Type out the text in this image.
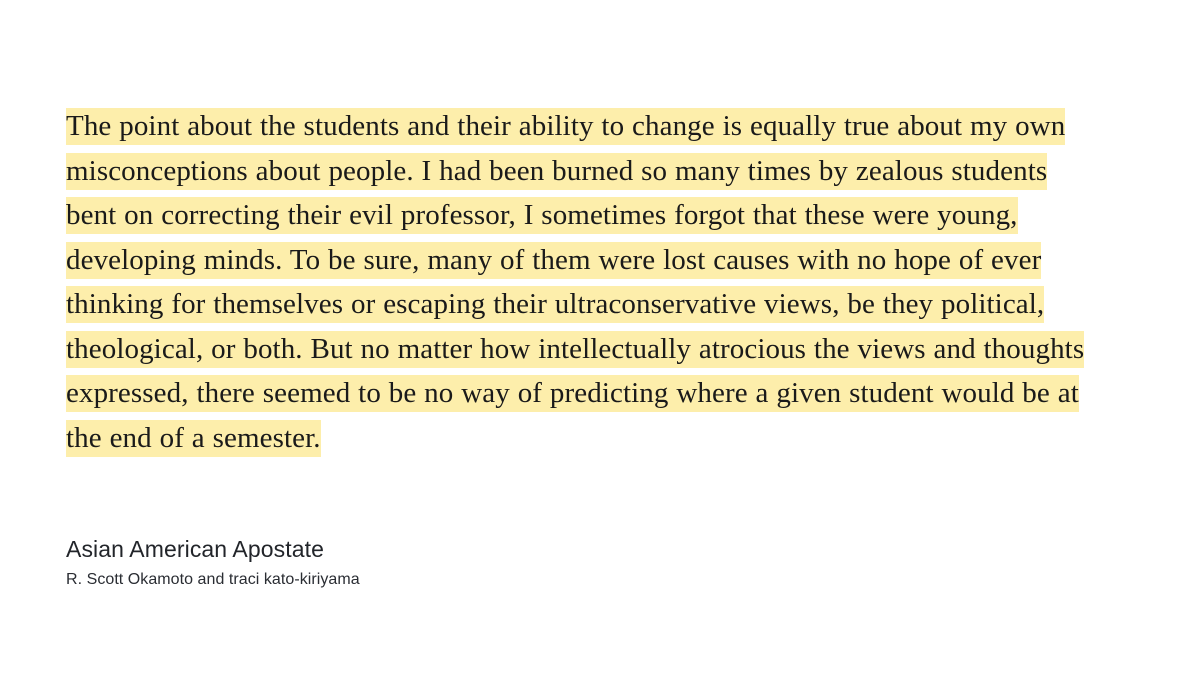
The point about the students and their ability to change is equally true about my own misconceptions about people. I had been burned so many times by zealous students bent on correcting their evil professor, I sometimes forgot that these were young, developing minds. To be sure, many of them were lost causes with no hope of ever thinking for themselves or escaping their ultraconservative views, be they political, theological, or both. But no matter how intellectually atrocious the views and thoughts expressed, there seemed to be no way of predicting where a given student would be at the end of a semester.

Asian American Apostate
R. Scott Okamoto and traci kato-kiriyama
